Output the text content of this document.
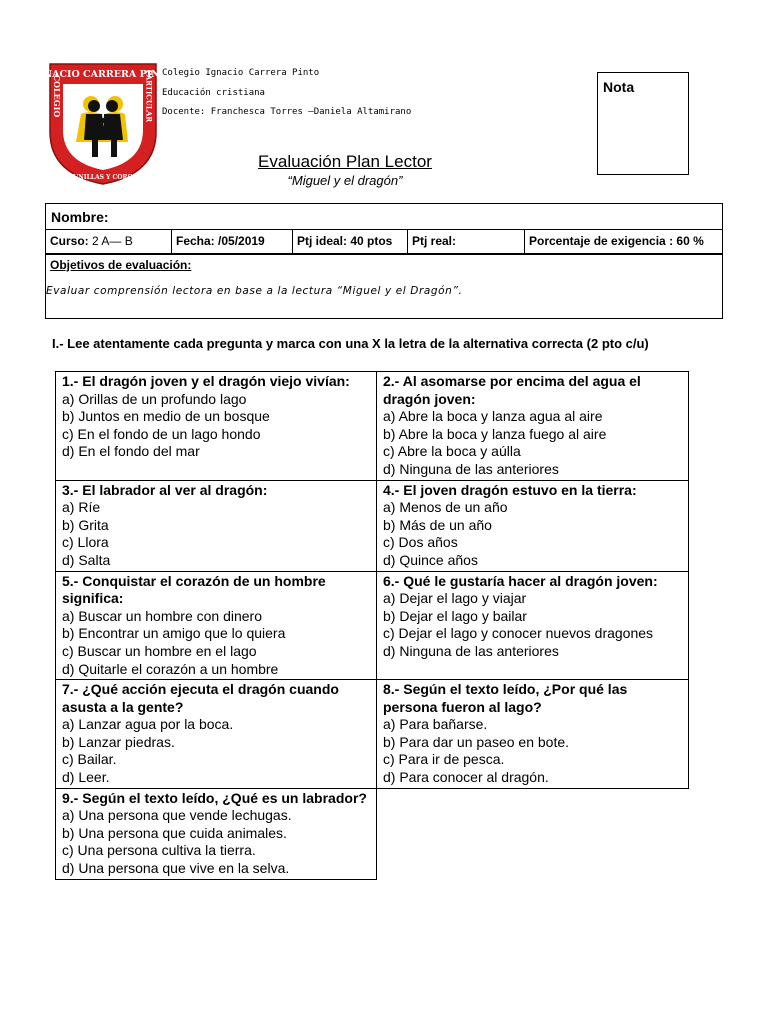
IGNACIO CARRERA PINTO
COLEGIO	PARTICULAR
LAGUNILLAS Y CORONEL
Colegio Ignacio Carrera Pinto
Educación cristiana
Docente: Franchesca Torres –Daniela Altamirano
Nota
Evaluación Plan Lector
“Miguel y el dragón”
Nombre:
Curso: 2 A— B	Fecha: /05/2019	Ptj ideal: 40 ptos	Ptj real:	Porcentaje de exigencia : 60 %
Objetivos de evaluación:
Evaluar comprensión lectora en base a la lectura “Miguel y el Dragón”.
I.- Lee atentamente cada pregunta y marca con una X la letra de la alternativa correcta (2 pto c/u)
1.- El dragón joven y el dragón viejo vivían:
a) Orillas de un profundo lago
b) Juntos en medio de un bosque
c) En el fondo de un lago hondo
d) En el fondo del mar
2.- Al asomarse por encima del agua el dragón joven:
a) Abre la boca y lanza agua al aire
b) Abre la boca y lanza fuego al aire
c) Abre la boca y aúlla
d) Ninguna de las anteriores
3.- El labrador al ver al dragón:
a) Ríe
b) Grita
c) Llora
d) Salta
4.- El joven dragón estuvo en la tierra:
a) Menos de un año
b) Más de un año
c) Dos años
d) Quince años
5.- Conquistar el corazón de un hombre significa:
a) Buscar un hombre con dinero
b) Encontrar un amigo que lo quiera
c) Buscar un hombre en el lago
d) Quitarle el corazón a un hombre
6.- Qué le gustaría hacer al dragón joven:
a) Dejar el lago y viajar
b) Dejar el lago y bailar
c) Dejar el lago y conocer nuevos dragones
d) Ninguna de las anteriores
7.- ¿Qué acción ejecuta el dragón cuando asusta a la gente?
a) Lanzar agua por la boca.
b) Lanzar piedras.
c) Bailar.
d) Leer.
8.- Según el texto leído, ¿Por qué las persona fueron al lago?
a) Para bañarse.
b) Para dar un paseo en bote.
c) Para ir de pesca.
d) Para conocer al dragón.
9.- Según el texto leído, ¿Qué es un labrador?
a) Una persona que vende lechugas.
b) Una persona que cuida animales.
c) Una persona cultiva la tierra.
d) Una persona que vive en la selva.
